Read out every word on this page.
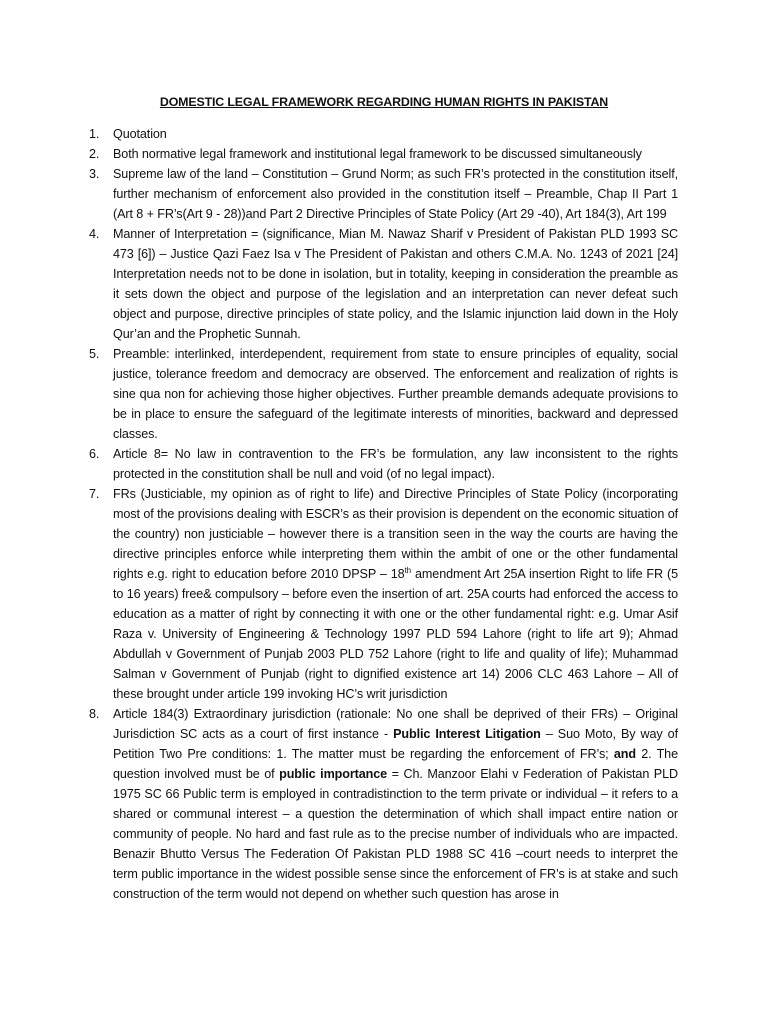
DOMESTIC LEGAL FRAMEWORK REGARDING HUMAN RIGHTS IN PAKISTAN
1. Quotation
2. Both normative legal framework and institutional legal framework to be discussed simultaneously
3. Supreme law of the land – Constitution – Grund Norm; as such FR’s protected in the constitution itself, further mechanism of enforcement also provided in the constitution itself – Preamble, Chap II Part 1 (Art 8 + FR’s(Art 9 - 28))and Part 2 Directive Principles of State Policy (Art 29 -40), Art 184(3), Art 199
4. Manner of Interpretation = (significance, Mian M. Nawaz Sharif v President of Pakistan PLD 1993 SC 473 [6]) – Justice Qazi Faez Isa v The President of Pakistan and others C.M.A. No. 1243 of 2021 [24] Interpretation needs not to be done in isolation, but in totality, keeping in consideration the preamble as it sets down the object and purpose of the legislation and an interpretation can never defeat such object and purpose, directive principles of state policy, and the Islamic injunction laid down in the Holy Qur’an and the Prophetic Sunnah.
5. Preamble: interlinked, interdependent, requirement from state to ensure principles of equality, social justice, tolerance freedom and democracy are observed. The enforcement and realization of rights is sine qua non for achieving those higher objectives. Further preamble demands adequate provisions to be in place to ensure the safeguard of the legitimate interests of minorities, backward and depressed classes.
6. Article 8= No law in contravention to the FR’s be formulation, any law inconsistent to the rights protected in the constitution shall be null and void (of no legal impact).
7. FRs (Justiciable, my opinion as of right to life) and Directive Principles of State Policy (incorporating most of the provisions dealing with ESCR’s as their provision is dependent on the economic situation of the country) non justiciable – however there is a transition seen in the way the courts are having the directive principles enforce while interpreting them within the ambit of one or the other fundamental rights e.g. right to education before 2010 DPSP – 18th amendment Art 25A insertion Right to life FR (5 to 16 years) free& compulsory – before even the insertion of art. 25A courts had enforced the access to education as a matter of right by connecting it with one or the other fundamental right: e.g. Umar Asif Raza v. University of Engineering & Technology 1997 PLD 594 Lahore (right to life art 9); Ahmad Abdullah v Government of Punjab 2003 PLD 752 Lahore (right to life and quality of life); Muhammad Salman v Government of Punjab (right to dignified existence art 14) 2006 CLC 463 Lahore – All of these brought under article 199 invoking HC’s writ jurisdiction
8. Article 184(3) Extraordinary jurisdiction (rationale: No one shall be deprived of their FRs) – Original Jurisdiction SC acts as a court of first instance - Public Interest Litigation – Suo Moto, By way of Petition Two Pre conditions: 1. The matter must be regarding the enforcement of FR’s; and 2. The question involved must be of public importance = Ch. Manzoor Elahi v Federation of Pakistan PLD 1975 SC 66 Public term is employed in contradistinction to the term private or individual – it refers to a shared or communal interest – a question the determination of which shall impact entire nation or community of people. No hard and fast rule as to the precise number of individuals who are impacted. Benazir Bhutto Versus The Federation Of Pakistan PLD 1988 SC 416 –court needs to interpret the term public importance in the widest possible sense since the enforcement of FR’s is at stake and such construction of the term would not depend on whether such question has arose in
